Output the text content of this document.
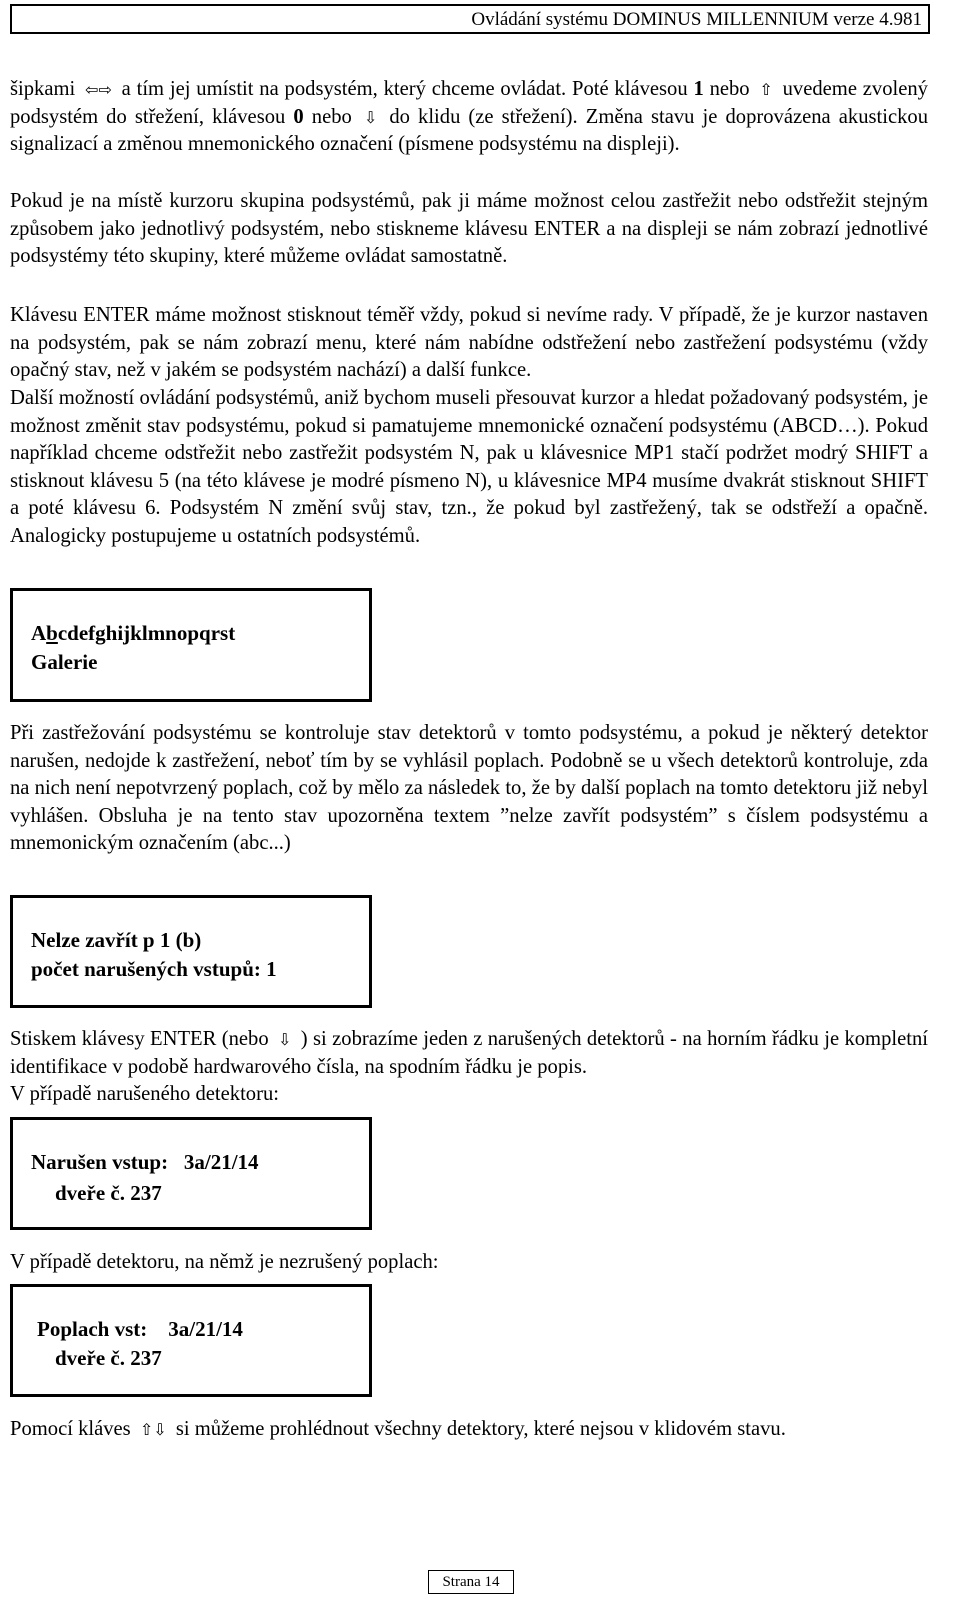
Ovládání systému DOMINUS MILLENNIUM verze 4.981

šipkami ⇦⇨ a tím jej umístit na podsystém, který chceme ovládat. Poté klávesou 1 nebo ⇧ uvedeme zvolený podsystém do střežení, klávesou 0 nebo ⇩ do klidu (ze střežení). Změna stavu je doprovázena akustickou signalizací a změnou mnemonického označení (písmene podsystému na displeji).

Pokud je na místě kurzoru skupina podsystémů, pak ji máme možnost celou zastřežit nebo odstřežit stejným způsobem jako jednotlivý podsystém, nebo stiskneme klávesu ENTER a na displeji se nám zobrazí jednotlivé podsystémy této skupiny, které můžeme ovládat samostatně.

Klávesu ENTER máme možnost stisknout téměř vždy, pokud si nevíme rady. V případě, že je kurzor nastaven na podsystém, pak se nám zobrazí menu, které nám nabídne odstřežení nebo zastřežení podsystému (vždy opačný stav, než v jakém se podsystém nachází) a další funkce.

Další možností ovládání podsystémů, aniž bychom museli přesouvat kurzor a hledat požadovaný podsystém, je možnost změnit stav podsystému, pokud si pamatujeme mnemonické označení podsystému (ABCD…). Pokud například chceme odstřežit nebo zastřežit podsystém N, pak u klávesnice MP1 stačí podržet modrý SHIFT a stisknout klávesu 5 (na této klávese je modré písmeno N), u klávesnice MP4 musíme dvakrát stisknout SHIFT a poté klávesu 6. Podsystém N změní svůj stav, tzn., že pokud byl zastřežený, tak se odstřeží a opačně. Analogicky postupujeme u ostatních podsystémů.

Abcdefghijklmnopqrst
Galerie

Při zastřežování podsystému se kontroluje stav detektorů v tomto podsystému, a pokud je některý detektor narušen, nedojde k zastřežení, neboť tím by se vyhlásil poplach. Podobně se u všech detektorů kontroluje, zda na nich není nepotvrzený poplach, což by mělo za následek to, že by další poplach na tomto detektoru již nebyl vyhlášen. Obsluha je na tento stav upozorněna textem ”nelze zavřít podsystém” s číslem podsystému a mnemonickým označením (abc...)

Nelze zavřít p 1 (b)
počet narušených vstupů: 1

Stiskem klávesy ENTER (nebo ⇩ ) si zobrazíme jeden z narušených detektorů - na horním řádku je kompletní identifikace v podobě hardwarového čísla, na spodním řádku je popis.

V případě narušeného detektoru:

Narušen vstup:   3a/21/14
dveře č. 237

V případě detektoru, na němž je nezrušený poplach:

Poplach vst:    3a/21/14
dveře č. 237

Pomocí kláves ⇧⇩ si můžeme prohlédnout všechny detektory, které nejsou v klidovém stavu.

Strana 14
